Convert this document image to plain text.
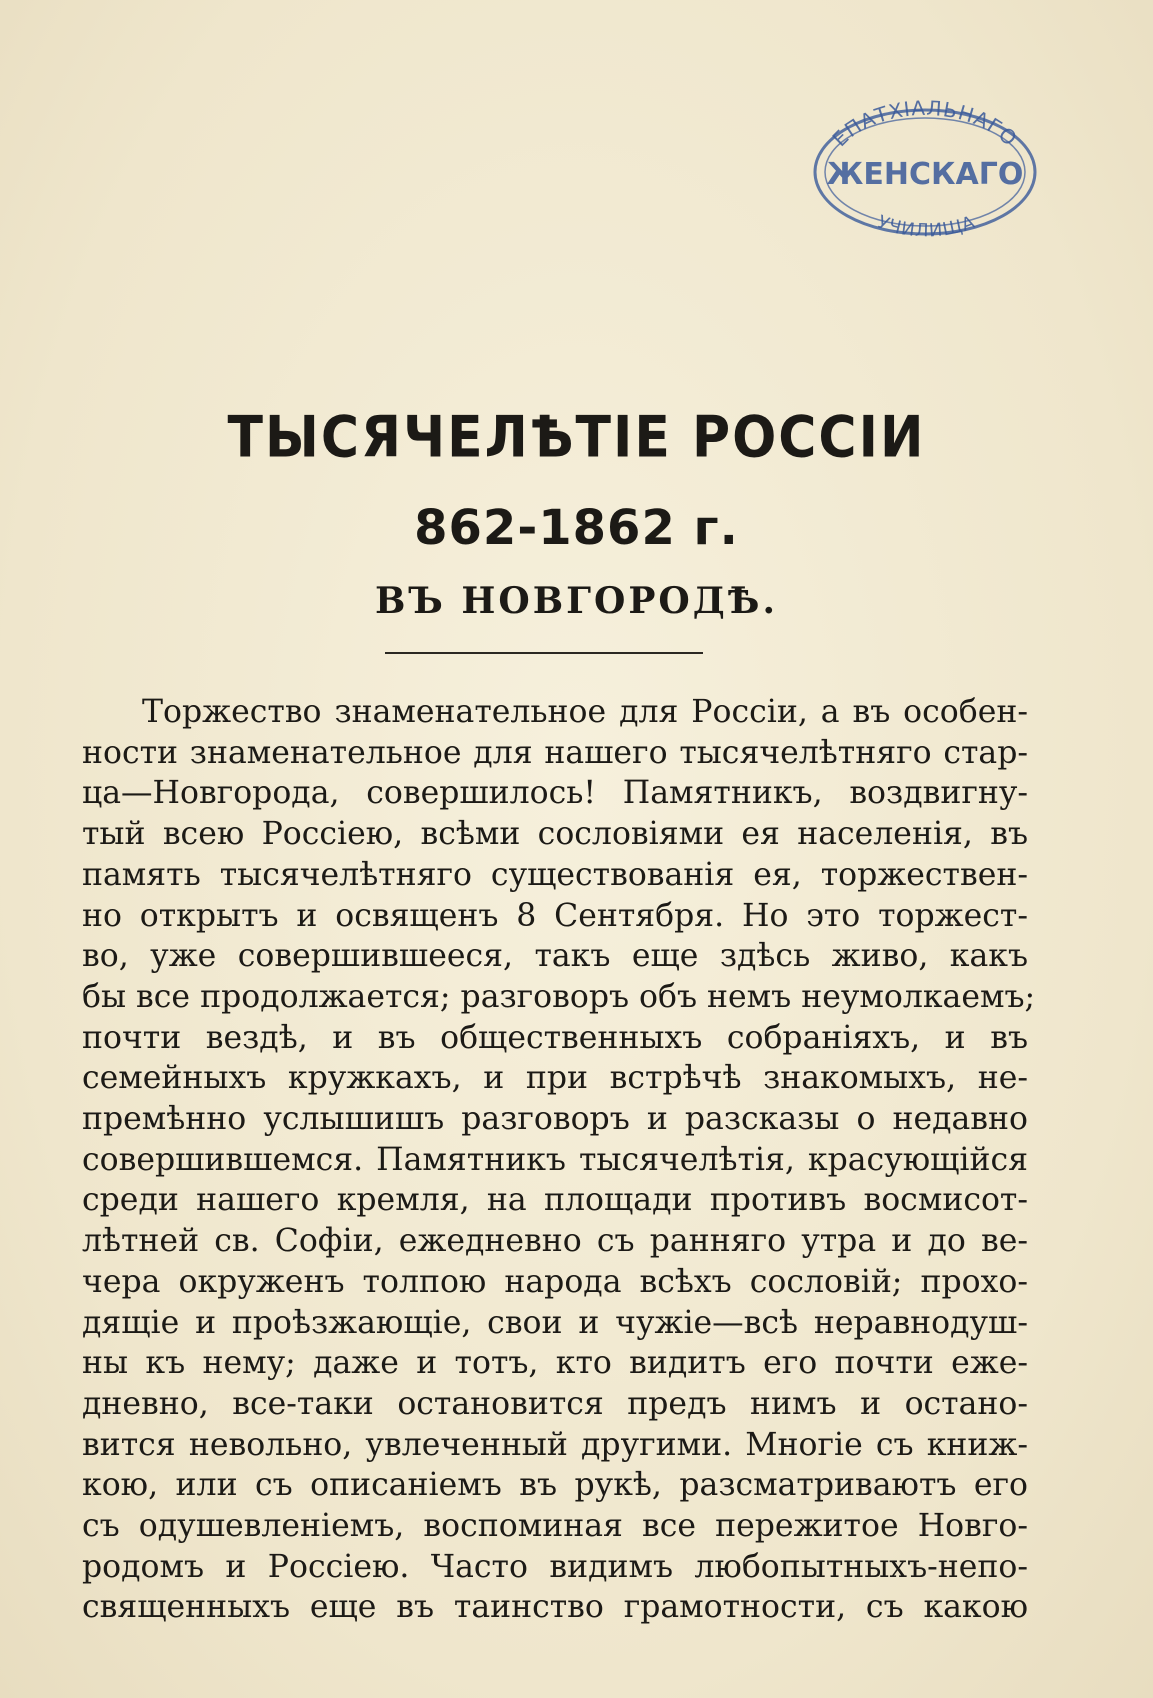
ЕПАТХІАЛЬНАГО
ЖЕНСКАГО
УЧИЛИЩА
ТЫСЯЧЕЛѢТІЕ РОССІИ
862-1862 г.
ВЪ НОВГОРОДѢ.
Торжество знаменательное для Россіи, а въ особен-
ности знаменательное для нашего тысячелѣтняго стар-
ца—Новгорода, совершилось! Памятникъ, воздвигну-
тый всею Россіею, всѣми сословіями ея населенія, въ
память тысячелѣтняго существованія ея, торжествен-
но открытъ и освященъ 8 Сентября. Но это торжест-
во, уже совершившееся, такъ еще здѣсь живо, какъ
бы все продолжается; разговоръ объ немъ неумолкаемъ;
почти вездѣ, и въ общественныхъ собраніяхъ, и въ
семейныхъ кружкахъ, и при встрѣчѣ знакомыхъ, не-
премѣнно услышишъ разговоръ и разсказы о недавно
совершившемся. Памятникъ тысячелѣтія, красующійся
среди нашего кремля, на площади противъ восмисот-
лѣтней св. Софіи, ежедневно съ ранняго утра и до ве-
чера окруженъ толпою народа всѣхъ сословій; прохо-
дящіе и проѣзжающіе, свои и чужіе—всѣ неравнодуш-
ны къ нему; даже и тотъ, кто видитъ его почти еже-
дневно, все-таки остановится предъ нимъ и остано-
вится невольно, увлеченный другими. Многіе съ книж-
кою, или съ описаніемъ въ рукѣ, разсматриваютъ его
съ одушевленіемъ, воспоминая все пережитое Новго-
родомъ и Россіею. Часто видимъ любопытныхъ-непо-
священныхъ еще въ таинство грамотности, съ какою
